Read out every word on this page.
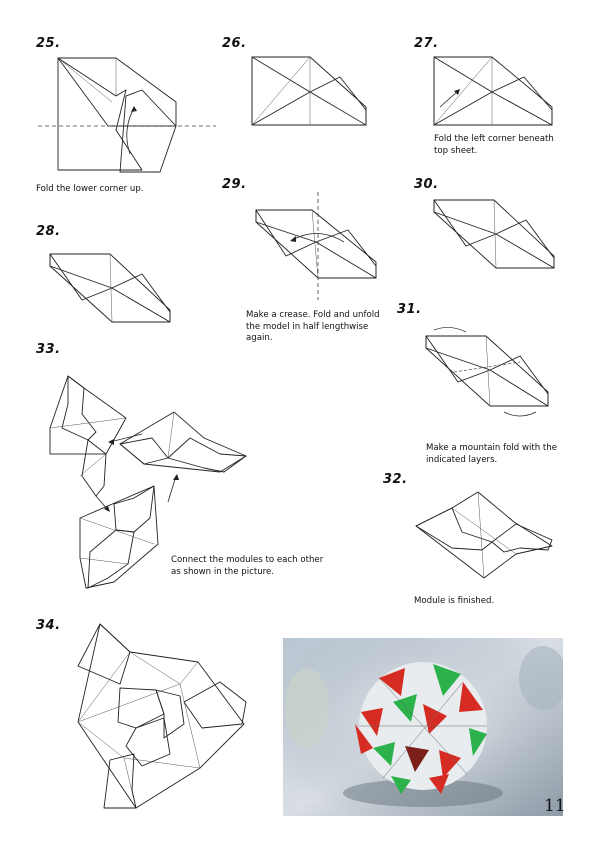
25.
Fold the lower corner up.
26.	27.
Fold the left corner beneath
top sheet.
29.
Make a crease. Fold and unfold
the model in half lengthwise
again.
30.
28.
31.
Make a mountain fold with the
indicated layers.
33.
Connect the modules to each other
as shown in the picture.
32.
Module is finished.
34.
11
